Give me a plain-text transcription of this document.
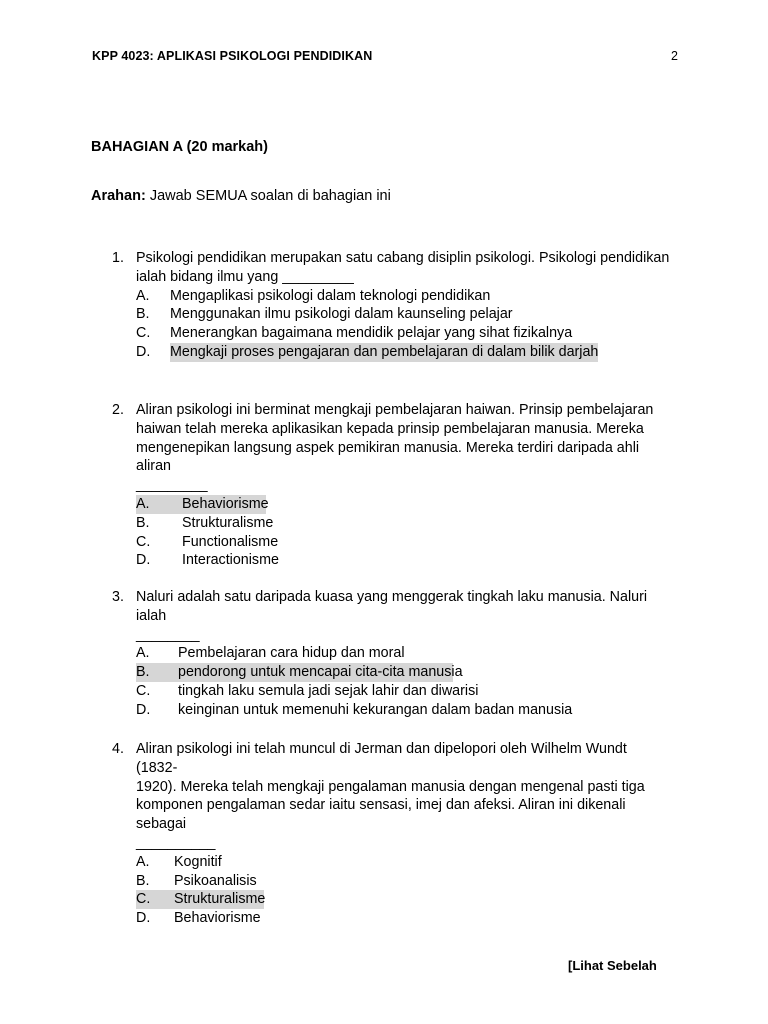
KPP 4023: APLIKASI PSIKOLOGI PENDIDIKAN	2
BAHAGIAN A (20 markah)
Arahan: Jawab SEMUA soalan di bahagian ini
1. Psikologi pendidikan merupakan satu cabang disiplin psikologi. Psikologi pendidikan
ialah bidang ilmu yang _________
A. Mengaplikasi psikologi dalam teknologi pendidikan
B. Menggunakan ilmu psikologi dalam kaunseling pelajar
C. Menerangkan bagaimana mendidik pelajar yang sihat fizikalnya
D. Mengkaji proses pengajaran dan pembelajaran di dalam bilik darjah
2. Aliran psikologi ini berminat mengkaji pembelajaran haiwan. Prinsip pembelajaran
haiwan telah mereka aplikasikan kepada prinsip pembelajaran manusia. Mereka
mengenepikan langsung aspek pemikiran manusia. Mereka terdiri daripada ahli aliran
_________
A. Behaviorisme
B. Strukturalisme
C. Functionalisme
D. Interactionisme
3. Naluri adalah satu daripada kuasa yang menggerak tingkah laku manusia. Naluri ialah
________
A. Pembelajaran cara hidup dan moral
B. pendorong untuk mencapai cita-cita manusia
C. tingkah laku semula jadi sejak lahir dan diwarisi
D. keinginan untuk memenuhi kekurangan dalam badan manusia
4. Aliran psikologi ini telah muncul di Jerman dan dipelopori oleh Wilhelm Wundt (1832-
1920). Mereka telah mengkaji pengalaman manusia dengan mengenal pasti tiga
komponen pengalaman sedar iaitu sensasi, imej dan afeksi. Aliran ini dikenali sebagai
__________
A. Kognitif
B. Psikoanalisis
C. Strukturalisme
D. Behaviorisme
[Lihat Sebelah
